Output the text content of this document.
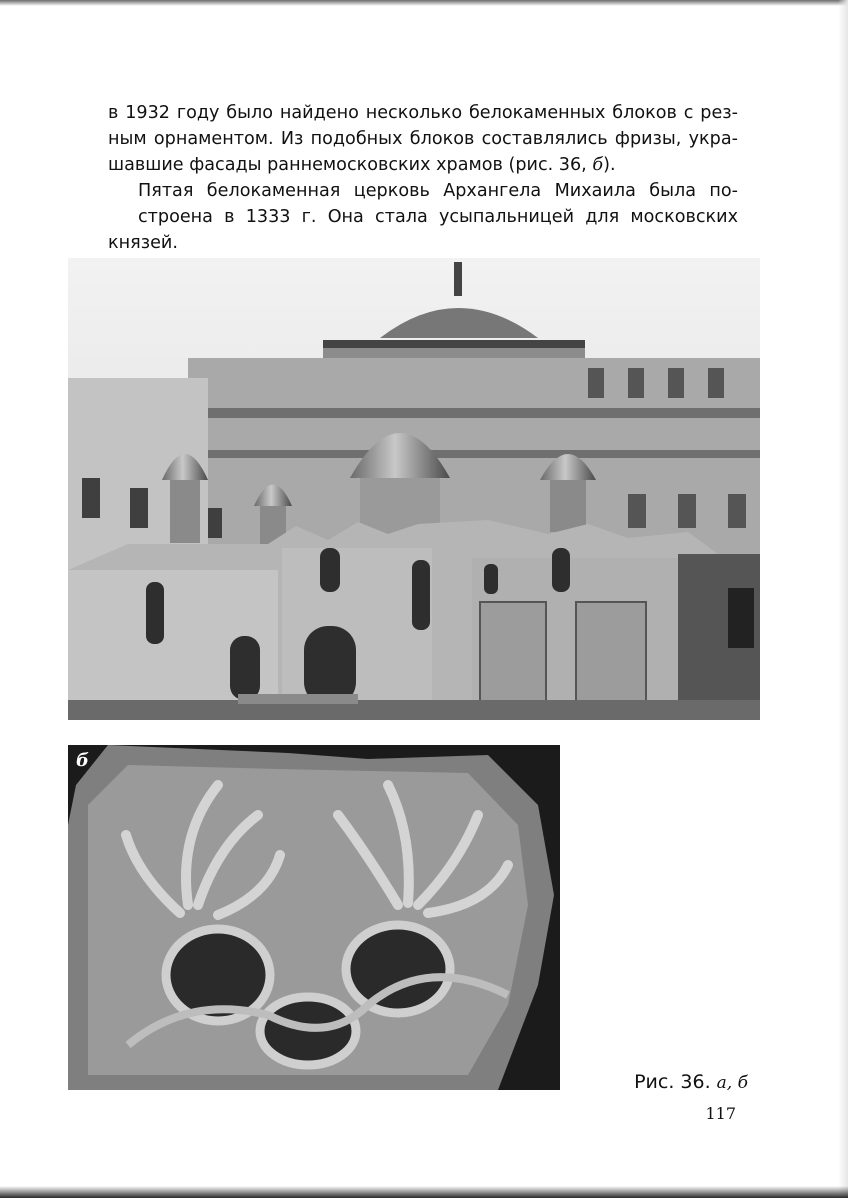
в 1932 году было найдено несколько белокаменных блоков с рез-
ным орнаментом. Из подобных блоков составлялись фризы, укра-
шавшие фасады раннемосковских храмов (рис. 36, б).

Пятая белокаменная церковь Архангела Михаила была по-
строена в 1333 г. Она стала усыпальницей для московских князей.

б
Рис. 36. а, б
117
